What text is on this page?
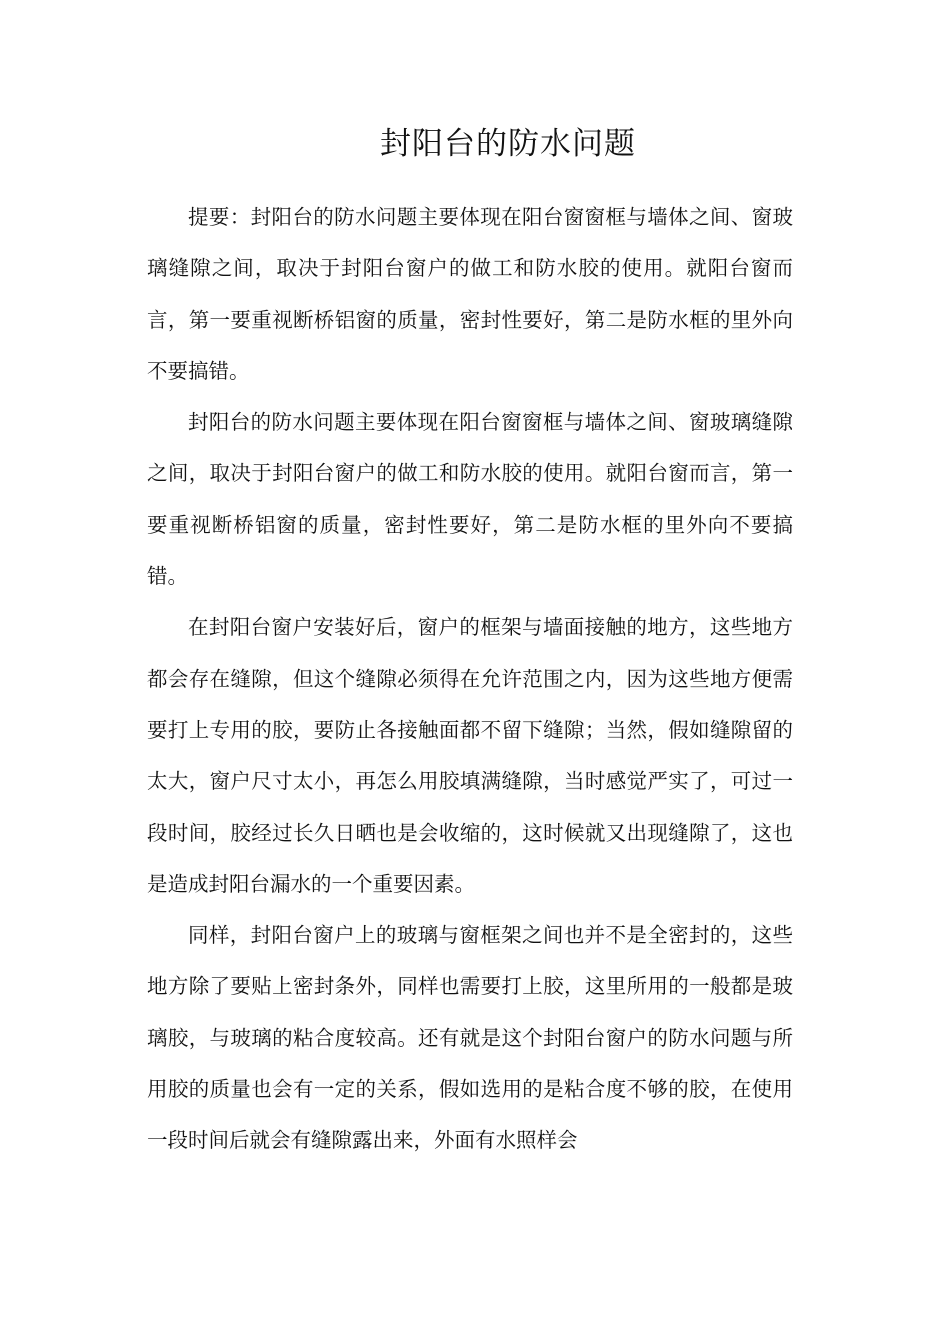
封阳台的防水问题

提要：封阳台的防水问题主要体现在阳台窗窗框与墙体之间、窗玻璃缝隙之间，取决于封阳台窗户的做工和防水胶的使用。就阳台窗而言，第一要重视断桥铝窗的质量，密封性要好，第二是防水框的里外向不要搞错。

封阳台的防水问题主要体现在阳台窗窗框与墙体之间、窗玻璃缝隙之间，取决于封阳台窗户的做工和防水胶的使用。就阳台窗而言，第一要重视断桥铝窗的质量，密封性要好，第二是防水框的里外向不要搞错。

在封阳台窗户安装好后，窗户的框架与墙面接触的地方，这些地方都会存在缝隙，但这个缝隙必须得在允许范围之内，因为这些地方便需要打上专用的胶，要防止各接触面都不留下缝隙；当然，假如缝隙留的太大，窗户尺寸太小，再怎么用胶填满缝隙，当时感觉严实了，可过一段时间，胶经过长久日晒也是会收缩的，这时候就又出现缝隙了，这也是造成封阳台漏水的一个重要因素。

同样，封阳台窗户上的玻璃与窗框架之间也并不是全密封的，这些地方除了要贴上密封条外，同样也需要打上胶，这里所用的一般都是玻璃胶，与玻璃的粘合度较高。还有就是这个封阳台窗户的防水问题与所用胶的质量也会有一定的关系，假如选用的是粘合度不够的胶，在使用一段时间后就会有缝隙露出来，外面有水照样会
